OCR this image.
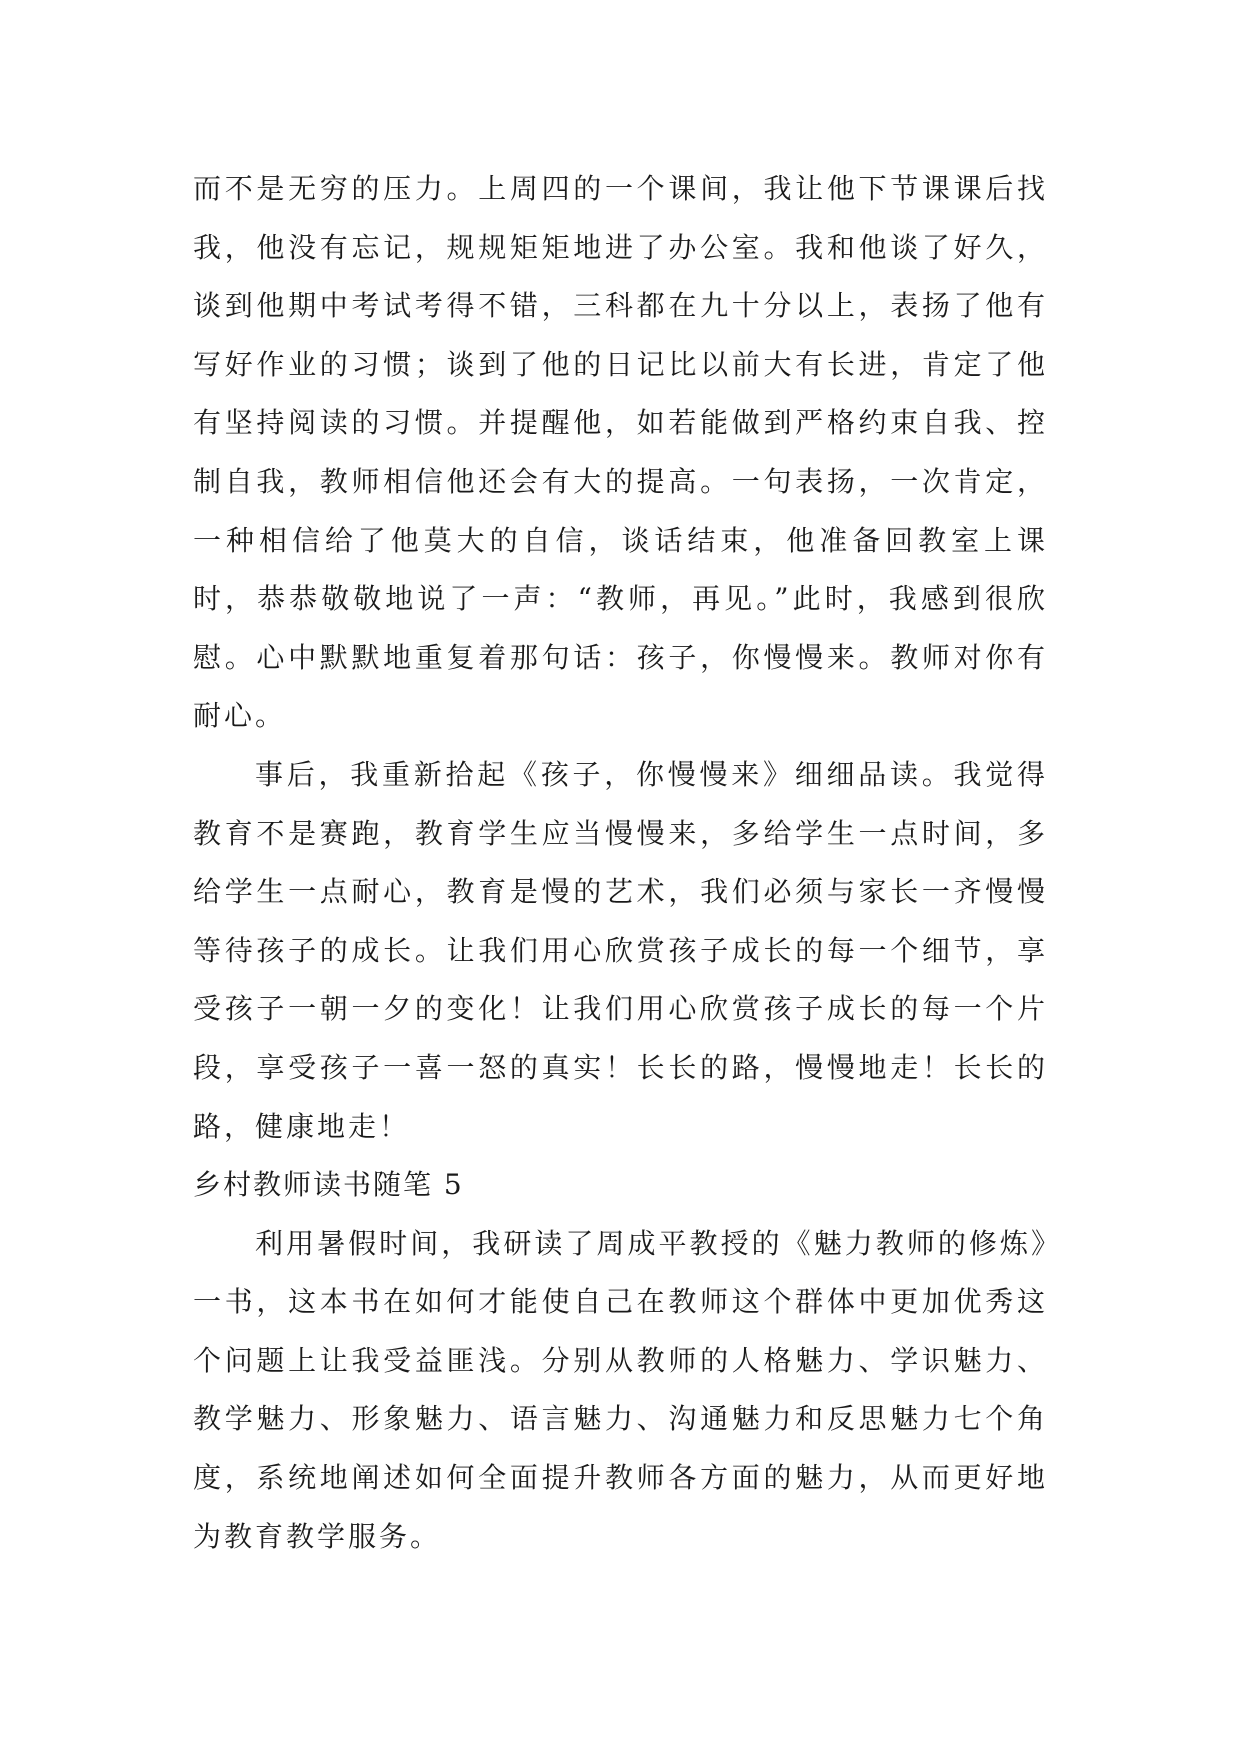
而不是无穷的压力。上周四的一个课间，我让他下节课课后找我，他没有忘记，规规矩矩地进了办公室。我和他谈了好久，谈到他期中考试考得不错，三科都在九十分以上，表扬了他有写好作业的习惯；谈到了他的日记比以前大有长进，肯定了他有坚持阅读的习惯。并提醒他，如若能做到严格约束自我、控制自我，教师相信他还会有大的提高。一句表扬，一次肯定，一种相信给了他莫大的自信，谈话结束，他准备回教室上课时，恭恭敬敬地说了一声：“教师，再见。”此时，我感到很欣慰。心中默默地重复着那句话：孩子，你慢慢来。教师对你有耐心。

事后，我重新拾起《孩子，你慢慢来》细细品读。我觉得教育不是赛跑，教育学生应当慢慢来，多给学生一点时间，多给学生一点耐心，教育是慢的艺术，我们必须与家长一齐慢慢等待孩子的成长。让我们用心欣赏孩子成长的每一个细节，享受孩子一朝一夕的变化！让我们用心欣赏孩子成长的每一个片段，享受孩子一喜一怒的真实！长长的路，慢慢地走！长长的路，健康地走！

乡村教师读书随笔 5

利用暑假时间，我研读了周成平教授的《魅力教师的修炼》一书，这本书在如何才能使自己在教师这个群体中更加优秀这个问题上让我受益匪浅。分别从教师的人格魅力、学识魅力、教学魅力、形象魅力、语言魅力、沟通魅力和反思魅力七个角度，系统地阐述如何全面提升教师各方面的魅力，从而更好地为教育教学服务。
